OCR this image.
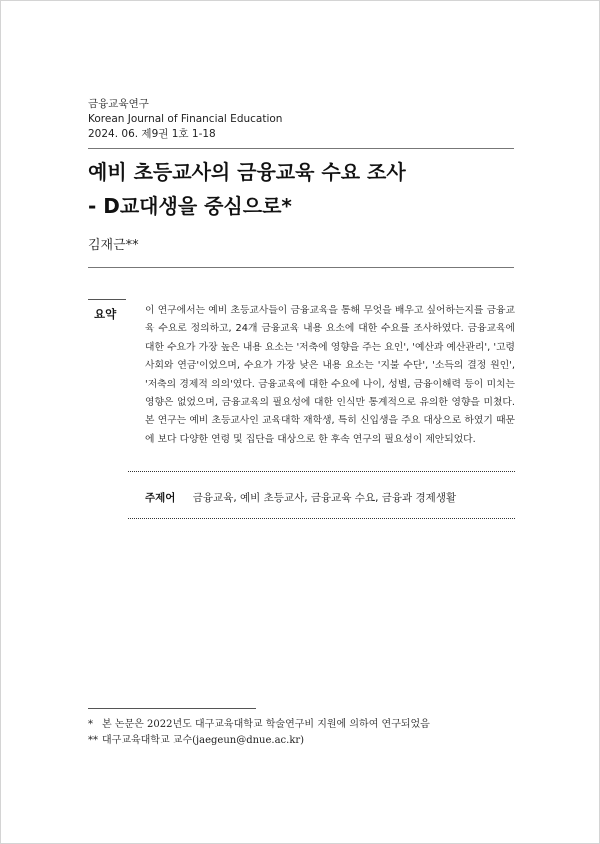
금융교육연구
Korean Journal of Financial Education
2024. 06. 제9권 1호 1-18
예비 초등교사의 금융교육 수요 조사
- D교대생을 중심으로*
김재근**
요약	이 연구에서는 예비 초등교사들이 금융교육을 통해 무엇을 배우고 싶어하는지를 금융교육 수요로 정의하고, 24개 금융교육 내용 요소에 대한 수요를 조사하였다. 금융교육에 대한 수요가 가장 높은 내용 요소는 '저축에 영향을 주는 요인', '예산과 예산관리', '고령사회와 연금'이었으며, 수요가 가장 낮은 내용 요소는 '지불 수단', '소득의 결정 원인', '저축의 경제적 의의'였다. 금융교육에 대한 수요에 나이, 성별, 금융이해력 등이 미치는 영향은 없었으며, 금융교육의 필요성에 대한 인식만 통계적으로 유의한 영향을 미쳤다. 본 연구는 예비 초등교사인 교육대학 재학생, 특히 신입생을 주요 대상으로 하였기 때문에 보다 다양한 연령 및 집단을 대상으로 한 후속 연구의 필요성이 제안되었다.

주제어 금융교육, 예비 초등교사, 금융교육 수요, 금융과 경제생활
* 본 논문은 2022년도 대구교육대학교 학술연구비 지원에 의하여 연구되었음
** 대구교육대학교 교수(jaegeun@dnue.ac.kr)
